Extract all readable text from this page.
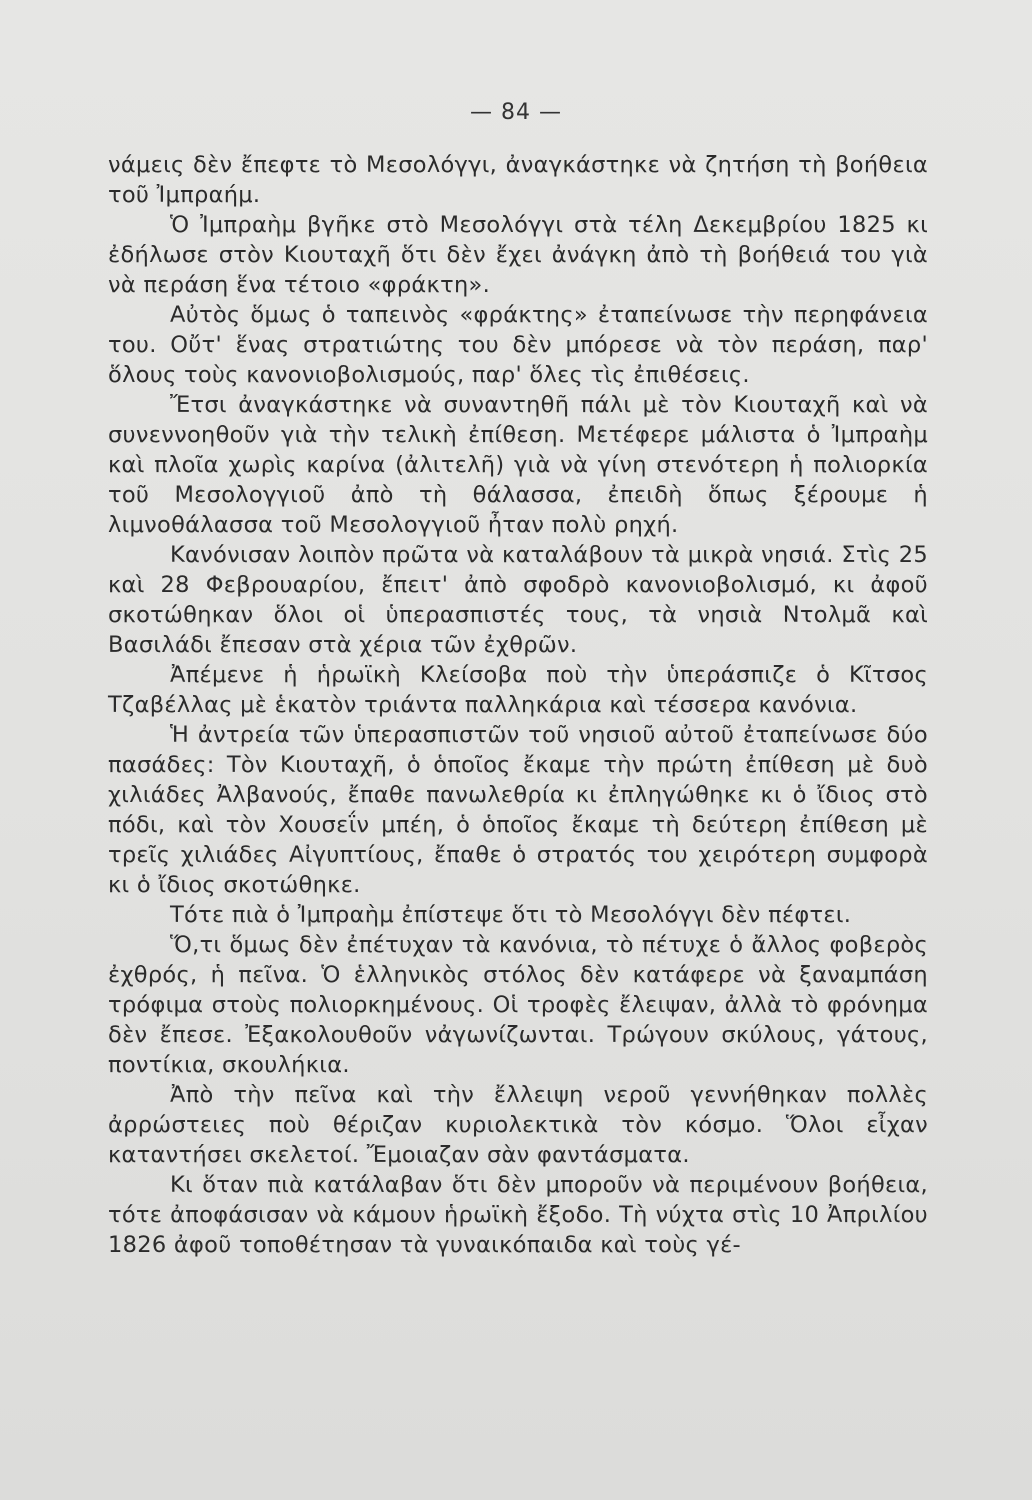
— 84 —

νάμεις δὲν ἔπεφτε τὸ Μεσολόγγι, ἀναγκάστηκε νὰ ζητήση τὴ βοήθεια τοῦ Ἰμπραήμ.

Ὁ Ἰμπραὴμ βγῆκε στὸ Μεσολόγγι στὰ τέλη Δεκεμβρίου 1825 κι ἐδήλωσε στὸν Κιουταχῆ ὅτι δὲν ἔχει ἀνάγκη ἀπὸ τὴ βοήθειά του γιὰ νὰ περάση ἕνα τέτοιο «φράκτη».

Αὐτὸς ὅμως ὁ ταπεινὸς «φράκτης» ἐταπείνωσε τὴν περηφάνεια του. Οὔτ' ἕνας στρατιώτης του δὲν μπόρεσε νὰ τὸν περάση, παρ' ὅλους τοὺς κανονιοβολισμούς, παρ' ὅλες τὶς ἐπιθέσεις.

Ἔτσι ἀναγκάστηκε νὰ συναντηθῆ πάλι μὲ τὸν Κιουταχῆ καὶ νὰ συνεννοηθοῦν γιὰ τὴν τελικὴ ἐπίθεση. Μετέφερε μάλιστα ὁ Ἰμπραὴμ καὶ πλοῖα χωρὶς καρίνα (ἀλιτελῆ) γιὰ νὰ γίνη στενότερη ἡ πολιορκία τοῦ Μεσολογγιοῦ ἀπὸ τὴ θάλασσα, ἐπειδὴ ὅπως ξέρουμε ἡ λιμνοθάλασσα τοῦ Μεσολογγιοῦ ἦταν πολὺ ρηχή.

Κανόνισαν λοιπὸν πρῶτα νὰ καταλάβουν τὰ μικρὰ νησιά. Στὶς 25 καὶ 28 Φεβρουαρίου, ἔπειτ' ἀπὸ σφοδρὸ κανονιοβολισμό, κι ἀφοῦ σκοτώθηκαν ὅλοι οἱ ὑπερασπιστές τους, τὰ νησιὰ Ντολμᾶ καὶ Βασιλάδι ἔπεσαν στὰ χέρια τῶν ἐχθρῶν.

Ἀπέμενε ἡ ἡρωϊκὴ Κλείσοβα ποὺ τὴν ὑπεράσπιζε ὁ Κῖτσος Τζαβέλλας μὲ ἑκατὸν τριάντα παλληκάρια καὶ τέσσερα κανόνια.

Ἡ ἀντρεία τῶν ὑπερασπιστῶν τοῦ νησιοῦ αὐτοῦ ἐταπείνωσε δύο πασάδες: Τὸν Κιουταχῆ, ὁ ὁποῖος ἔκαμε τὴν πρώτη ἐπίθεση μὲ δυὸ χιλιάδες Ἀλβανούς, ἔπαθε πανωλεθρία κι ἐπληγώθηκε κι ὁ ἴδιος στὸ πόδι, καὶ τὸν Χουσεΐν μπέη, ὁ ὁποῖος ἔκαμε τὴ δεύτερη ἐπίθεση μὲ τρεῖς χιλιάδες Αἰγυπτίους, ἔπαθε ὁ στρατός του χειρότερη συμφορὰ κι ὁ ἴδιος σκοτώθηκε.

Τότε πιὰ ὁ Ἰμπραὴμ ἐπίστεψε ὅτι τὸ Μεσολόγγι δὲν πέφτει.

Ὅ,τι ὅμως δὲν ἐπέτυχαν τὰ κανόνια, τὸ πέτυχε ὁ ἄλλος φοβερὸς ἐχθρός, ἡ πεῖνα. Ὁ ἑλληνικὸς στόλος δὲν κατάφερε νὰ ξαναμπάση τρόφιμα στοὺς πολιορκημένους. Οἱ τροφὲς ἔλειψαν, ἀλλὰ τὸ φρόνημα δὲν ἔπεσε. Ἐξακολουθοῦν νἀγωνίζωνται. Τρώγουν σκύλους, γάτους, ποντίκια, σκουλήκια.

Ἀπὸ τὴν πεῖνα καὶ τὴν ἔλλειψη νεροῦ γεννήθηκαν πολλὲς ἀρρώστειες ποὺ θέριζαν κυριολεκτικὰ τὸν κόσμο. Ὅλοι εἶχαν καταντήσει σκελετοί. Ἔμοιαζαν σὰν φαντάσματα.

Κι ὅταν πιὰ κατάλαβαν ὅτι δὲν μποροῦν νὰ περιμένουν βοήθεια, τότε ἀποφάσισαν νὰ κάμουν ἡρωϊκὴ ἔξοδο. Τὴ νύχτα στὶς 10 Ἀπριλίου 1826 ἀφοῦ τοποθέτησαν τὰ γυναικόπαιδα καὶ τοὺς γέ-
